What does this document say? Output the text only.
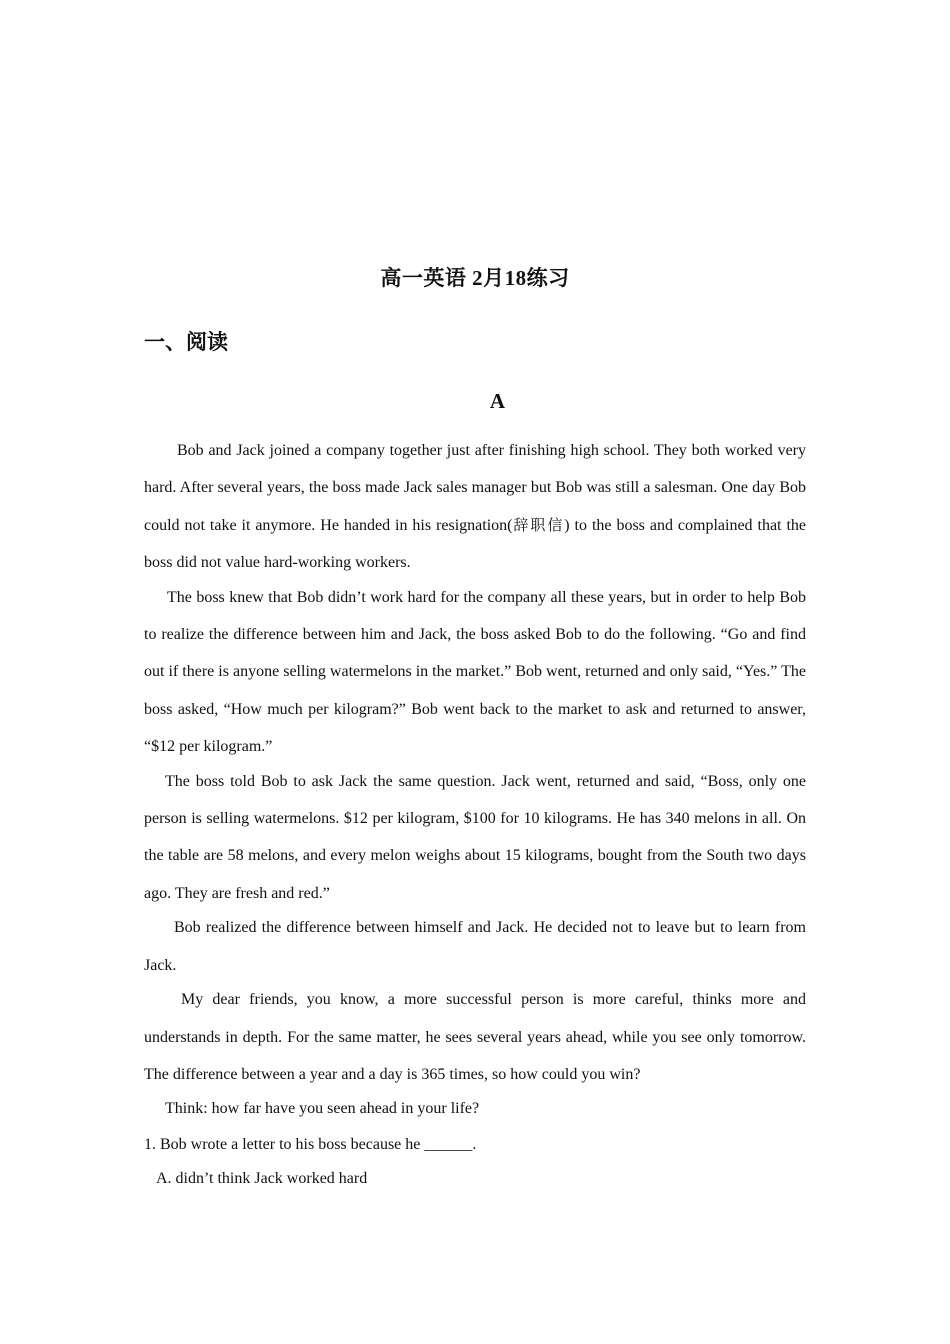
高一英语 2月18练习
一、阅读
A

Bob and Jack joined a company together just after finishing high school. They both worked very hard. After several years, the boss made Jack sales manager but Bob was still a salesman. One day Bob could not take it anymore. He handed in his resignation(辞职信) to the boss and complained that the boss did not value hard-working workers.

The boss knew that Bob didn’t work hard for the company all these years, but in order to help Bob to realize the difference between him and Jack, the boss asked Bob to do the following. “Go and find out if there is anyone selling watermelons in the market.” Bob went, returned and only said, “Yes.” The boss asked, “How much per kilogram?” Bob went back to the market to ask and returned to answer, “$12 per kilogram.”

The boss told Bob to ask Jack the same question. Jack went, returned and said, “Boss, only one person is selling watermelons. $12 per kilogram, $100 for 10 kilograms. He has 340 melons in all. On the table are 58 melons, and every melon weighs about 15 kilograms, bought from the South two days ago. They are fresh and red.”

Bob realized the difference between himself and Jack. He decided not to leave but to learn from Jack.

My dear friends, you know, a more successful person is more careful, thinks more and understands in depth. For the same matter, he sees several years ahead, while you see only tomorrow. The difference between a year and a day is 365 times, so how could you win?

Think: how far have you seen ahead in your life?

1. Bob wrote a letter to his boss because he ______.

A. didn’t think Jack worked hard
